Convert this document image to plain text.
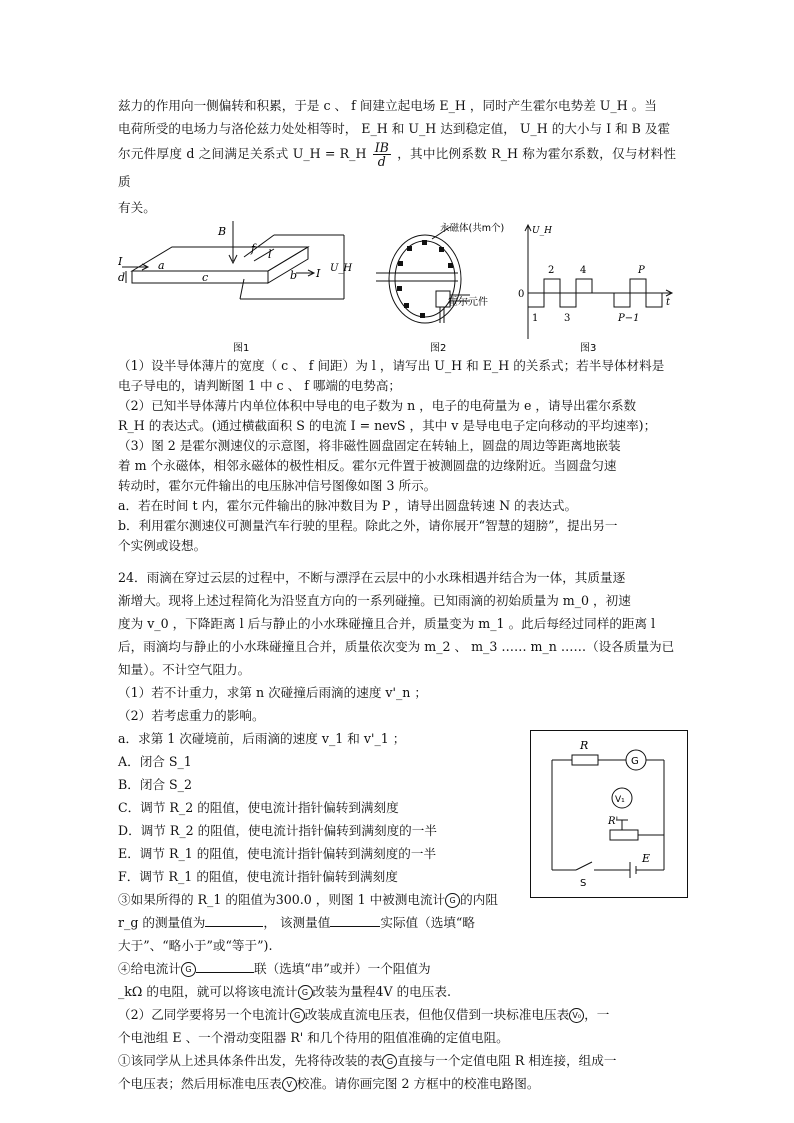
兹力的作用向一侧偏转和积累，于是 c 、 f 间建立起电场 E_H ，同时产生霍尔电势差 U_H 。当

电荷所受的电场力与洛伦兹力处处相等时， E_H 和 U_H 达到稳定值， U_H 的大小与 I 和 B 及霍

尔元件厚度 d 之间满足关系式 U_H = R_H $\frac{IB}{d}$ ，其中比例系数 R_H 称为霍尔系数，仅与材料性质

有关。

B
f
a
l
b
c
d
I
I U_H
图1
永磁体(共m个)
霍尔元件
图2
U_H
0
t
2	4	P
1	3	P−1
图3

（1）设半导体薄片的宽度（ c 、 f 间距）为 l ，请写出 U_H 和 E_H 的关系式；若半导体材料是

电子导电的，请判断图 1 中 c 、 f 哪端的电势高；

（2）已知半导体薄片内单位体积中导电的电子数为 n ，电子的电荷量为 e ，请导出霍尔系数

R_H 的表达式。(通过横截面积 S 的电流 I = nevS ，其中 v 是导电电子定向移动的平均速率)；

（3）图 2 是霍尔测速仪的示意图，将非磁性圆盘固定在转轴上，圆盘的周边等距离地嵌装

着 m 个永磁体，相邻永磁体的极性相反。霍尔元件置于被测圆盘的边缘附近。当圆盘匀速

转动时，霍尔元件输出的电压脉冲信号图像如图 3 所示。

a．若在时间 t 内，霍尔元件输出的脉冲数目为 P ，请导出圆盘转速 N 的表达式。

b．利用霍尔测速仪可测量汽车行驶的里程。除此之外，请你展开“智慧的翅膀”，提出另一

个实例或设想。

24．雨滴在穿过云层的过程中，不断与漂浮在云层中的小水珠相遇并结合为一体，其质量逐

渐增大。现将上述过程简化为沿竖直方向的一系列碰撞。已知雨滴的初始质量为 m_0 ，初速

度为 v_0 ，下降距离 l 后与静止的小水珠碰撞且合并，质量变为 m_1 。此后每经过同样的距离 l

后，雨滴均与静止的小水珠碰撞且合并，质量依次变为 m_2 、 m_3 …… m_n ……（设各质量为已

知量）。不计空气阻力。

（1）若不计重力，求第 n 次碰撞后雨滴的速度 v'_n ；

（2）若考虑重力的影响。

a．求第 1 次碰境前，后雨滴的速度 v_1 和 v'_1 ；

A．闭合 S_1

B．闭合 S_2

C．调节 R_2 的阻值，使电流计指针偏转到满刻度

D．调节 R_2 的阻值，使电流计指针偏转到满刻度的一半

E．调节 R_1 的阻值，使电流计指针偏转到满刻度的一半

F．调节 R_1 的阻值，使电流计指针偏转到满刻度

③如果所得的 R_1 的阻值为300.0 ，则图 1 中被测电流计 G 的内阻

r_g 的测量值为	， 该测量值	实际值（选填“略

大于”、“略小于”或“等于”).

④给电流计 G	联（选填“串”或并）一个阻值为

_kΩ 的电阻，就可以将该电流计 G 改装为量程4V 的电压表.

（2）乙同学要将另一个电流计 G 改装成直流电压表，但他仅借到一块标准电压表 V₀ ，一

个电池组 E 、一个滑动变阻器 R' 和几个待用的阻值准确的定值电阻。

①该同学从上述具体条件出发，先将待改装的表 G 直接与一个定值电阻 R 相连接，组成一

个电压表；然后用标准电压表 V 校准。请你画完图 2 方框中的校准电路图。

R
G
V₁
R'
E
S
